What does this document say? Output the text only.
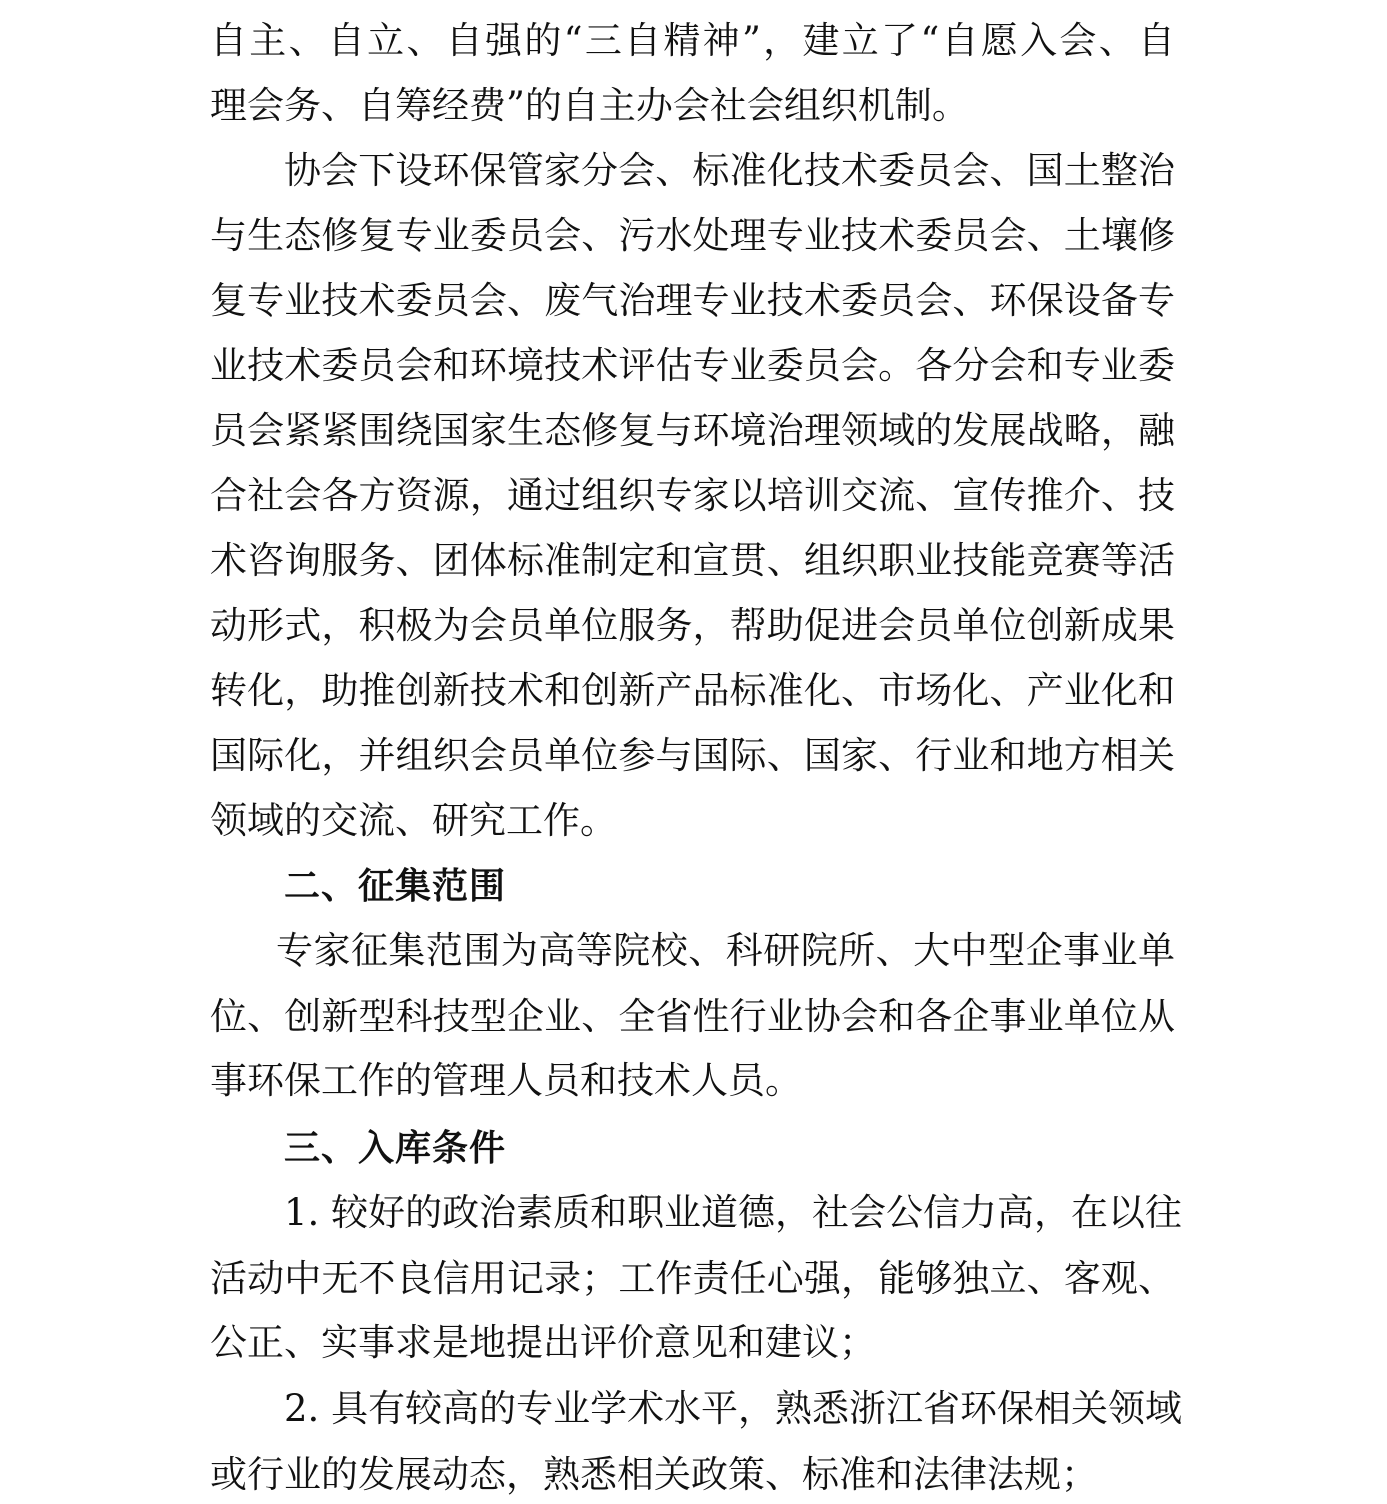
自主、自立、自强的“三自精神”，建立了“自愿入会、自
理会务、自筹经费”的自主办会社会组织机制。
协会下设环保管家分会、标准化技术委员会、国土整治
与生态修复专业委员会、污水处理专业技术委员会、土壤修
复专业技术委员会、废气治理专业技术委员会、环保设备专
业技术委员会和环境技术评估专业委员会。各分会和专业委
员会紧紧围绕国家生态修复与环境治理领域的发展战略，融
合社会各方资源，通过组织专家以培训交流、宣传推介、技
术咨询服务、团体标准制定和宣贯、组织职业技能竞赛等活
动形式，积极为会员单位服务，帮助促进会员单位创新成果
转化，助推创新技术和创新产品标准化、市场化、产业化和
国际化，并组织会员单位参与国际、国家、行业和地方相关
领域的交流、研究工作。
二、征集范围
专家征集范围为高等院校、科研院所、大中型企事业单
位、创新型科技型企业、全省性行业协会和各企事业单位从
事环保工作的管理人员和技术人员。
三、入库条件
1. 较好的政治素质和职业道德，社会公信力高，在以往
活动中无不良信用记录；工作责任心强，能够独立、客观、
公正、实事求是地提出评价意见和建议；
2. 具有较高的专业学术水平，熟悉浙江省环保相关领域
或行业的发展动态，熟悉相关政策、标准和法律法规；
